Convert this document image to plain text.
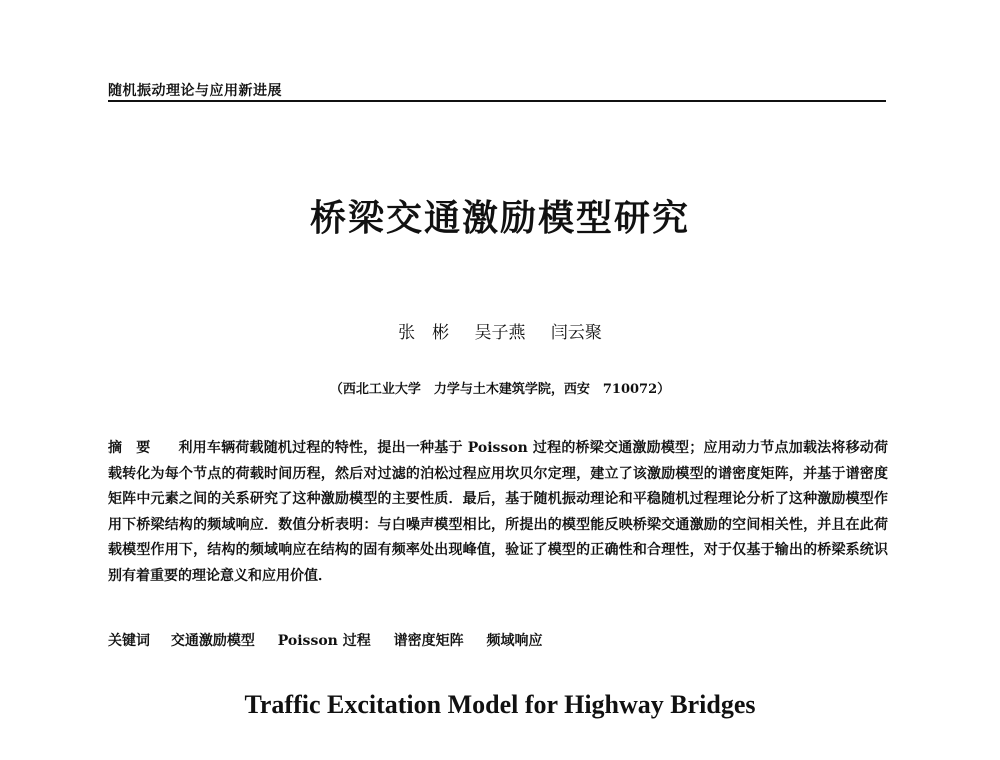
随机振动理论与应用新进展
桥梁交通激励模型研究
张　彬 吴子燕 闫云聚
（西北工业大学　力学与土木建筑学院，西安　710072）
摘要 利用车辆荷载随机过程的特性，提出一种基于 Poisson 过程的桥梁交通激励模型；应用动力节点加载法将移动荷载转化为每个节点的荷载时间历程，然后对过滤的泊松过程应用坎贝尔定理，建立了该激励模型的谱密度矩阵，并基于谱密度矩阵中元素之间的关系研究了这种激励模型的主要性质．最后，基于随机振动理论和平稳随机过程理论分析了这种激励模型作用下桥梁结构的频域响应．数值分析表明：与白噪声模型相比，所提出的模型能反映桥梁交通激励的空间相关性，并且在此荷载模型作用下，结构的频域响应在结构的固有频率处出现峰值，验证了模型的正确性和合理性，对于仅基于输出的桥梁系统识别有着重要的理论意义和应用价值．
关键词 交通激励模型 Poisson 过程 谱密度矩阵 频域响应
Traffic Excitation Model for Highway Bridges
